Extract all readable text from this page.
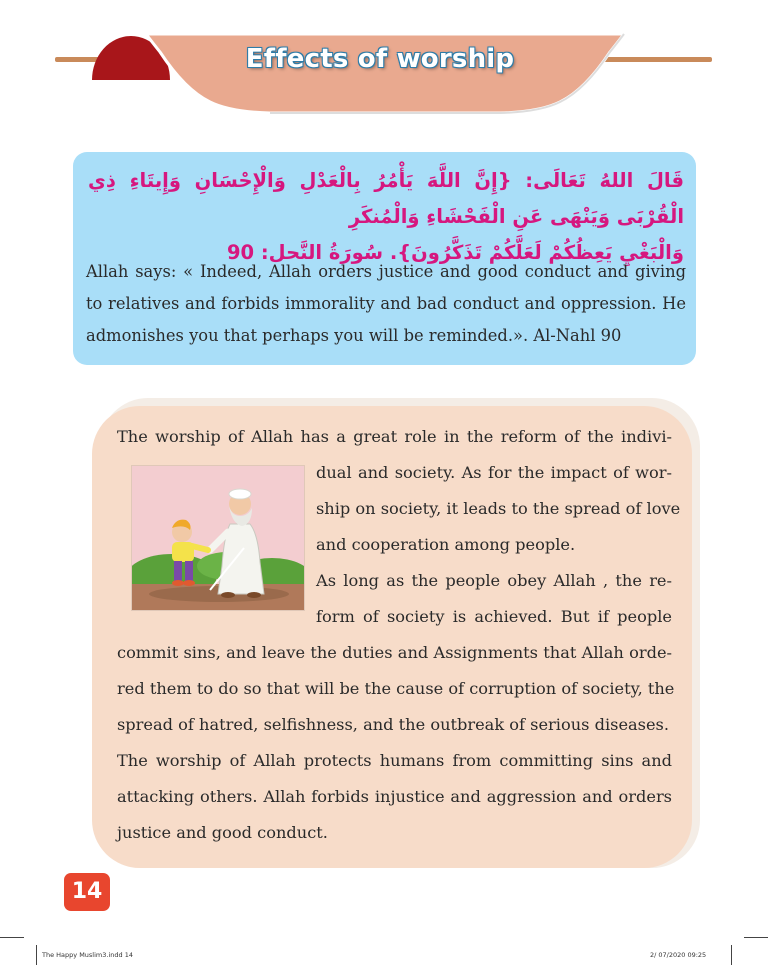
Effects of worship
قَالَ اللهُ تَعَالَى: {إِنَّ اللَّهَ يَأْمُرُ بِالْعَدْلِ وَالْإِحْسَانِ وَإِيتَاءِ ذِي الْقُرْبَى وَيَنْهَى عَنِ الْفَحْشَاءِ وَالْمُنكَرِ
وَالْبَغْيِ يَعِظُكُمْ لَعَلَّكُمْ تَذَكَّرُونَ}. سُورَةُ النَّحل: 90
Allah says: « Indeed, Allah orders justice and good conduct and giving
to relatives and forbids immorality and bad conduct and oppression. He
admonishes you that perhaps you will be reminded.». Al-Nahl 90
The worship of Allah has a great role in the reform of the indivi-
dual and society. As for the impact of wor-
ship on society, it leads to the spread of love
and cooperation among people.
As long as the people obey Allah , the re-
form of society is achieved. But if people
commit sins, and leave the duties and Assignments that Allah orde-
red them to do so that will be the cause of corruption of society, the
spread of hatred, selfishness, and the outbreak of serious diseases.
The worship of Allah protects humans from committing sins and
attacking others. Allah forbids injustice and aggression and orders
justice and good conduct.
14
The Happy Muslim3.indd 14	2/ 07/2020 09:25
